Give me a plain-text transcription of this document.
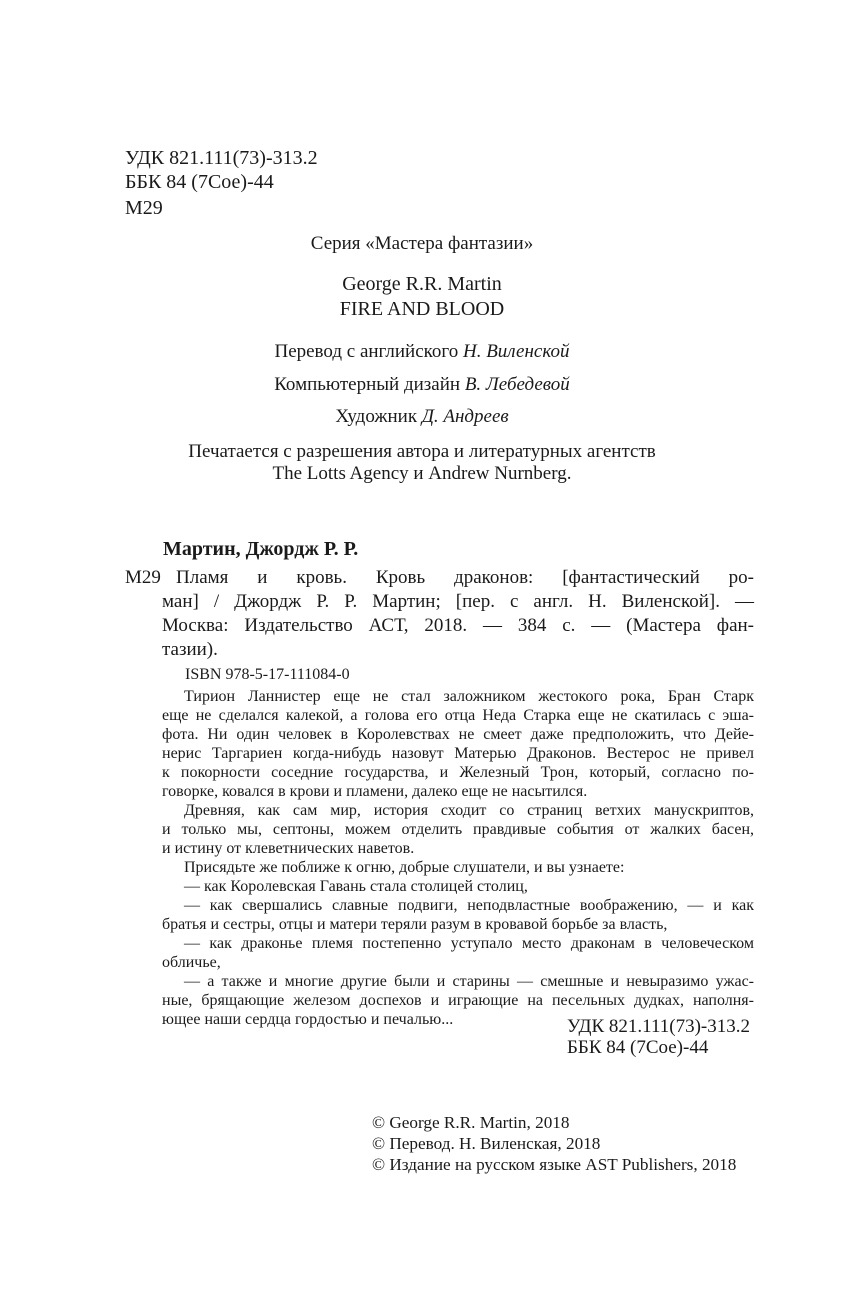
УДК 821.111(73)-313.2
ББК 84 (7Сое)-44
М29
Серия «Мастера фантазии»
George R.R. Martin
FIRE AND BLOOD
Перевод с английского Н. Виленской
Компьютерный дизайн В. Лебедевой
Художник Д. Андреев
Печатается с разрешения автора и литературных агентств
The Lotts Agency и Andrew Nurnberg.
Мартин, Джордж Р. Р.
М29 Пламя и кровь. Кровь драконов: [фантастический ро-
ман] / Джордж Р. Р. Мартин; [пер. с англ. Н. Виленской]. —
Москва: Издательство АСТ, 2018. — 384 с. — (Мастера фан-
тазии).
ISBN 978-5-17-111084-0
Тирион Ланнистер еще не стал заложником жестокого рока, Бран Старк
еще не сделался калекой, а голова его отца Неда Старка еще не скатилась с эша-
фота. Ни один человек в Королевствах не смеет даже предположить, что Дейе-
нерис Таргариен когда-нибудь назовут Матерью Драконов. Вестерос не привел
к покорности соседние государства, и Железный Трон, который, согласно по-
говорке, ковался в крови и пламени, далеко еще не насытился.
Древняя, как сам мир, история сходит со страниц ветхих манускриптов,
и только мы, септоны, можем отделить правдивые события от жалких басен,
и истину от клеветнических наветов.
Присядьте же поближе к огню, добрые слушатели, и вы узнаете:
— как Королевская Гавань стала столицей столиц,
— как свершались славные подвиги, неподвластные воображению, — и как
братья и сестры, отцы и матери теряли разум в кровавой борьбе за власть,
— как драконье племя постепенно уступало место драконам в человеческом
обличье,
— а также и многие другие были и старины — смешные и невыразимо ужас-
ные, брящающие железом доспехов и играющие на песельных дудках, наполня-
ющее наши сердца гордостью и печалью...	УДК 821.111(73)-313.2
ББК 84 (7Сое)-44
© George R.R. Martin, 2018
© Перевод. Н. Виленская, 2018
© Издание на русском языке AST Publishers, 2018
